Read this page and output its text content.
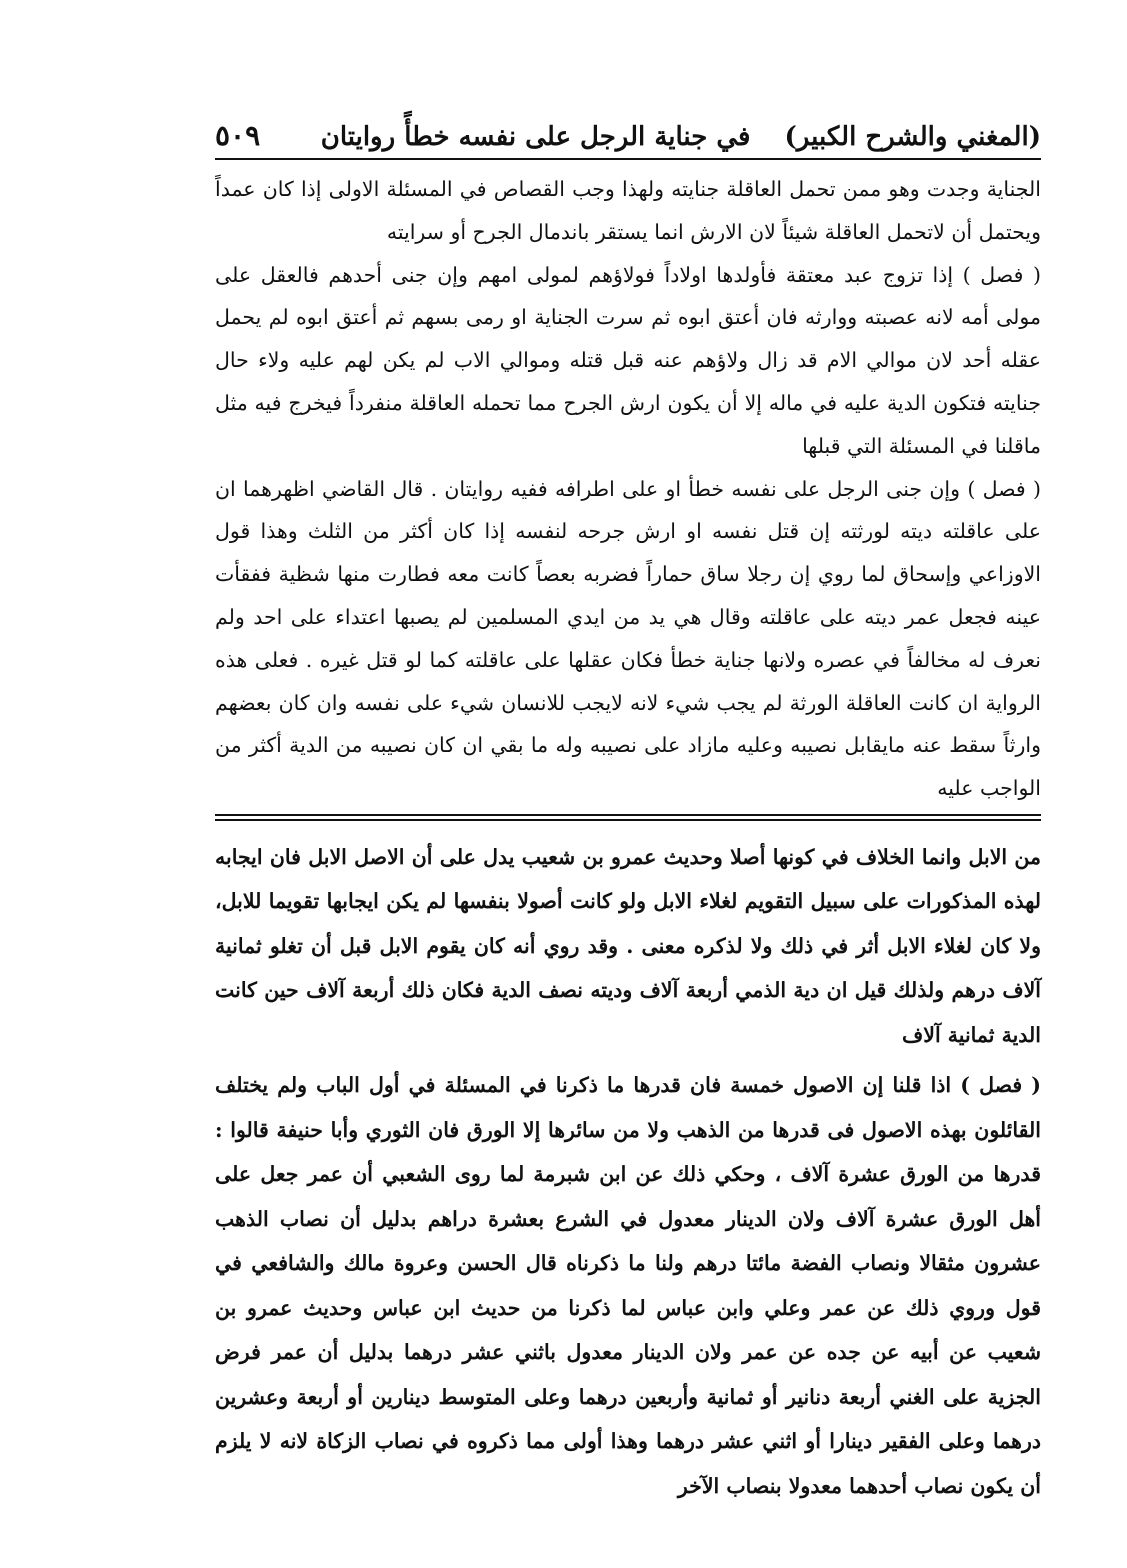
(المغني والشرح الكبير)
في جناية الرجل على نفسه خطأً روايتان
٥٠٩

الجناية وجدت وهو ممن تحمل العاقلة جنايته ولهذا وجب القصاص في المسئلة الاولى إذا كان عمداً ويحتمل أن لاتحمل العاقلة شيئاً لان الارش انما يستقر باندمال الجرح أو سرايته

( فصل ) إذا تزوج عبد معتقة فأولدها اولاداً فولاؤهم لمولى امهم وإن جنى أحدهم فالعقل على مولى أمه لانه عصبته ووارثه فان أعتق ابوه ثم سرت الجناية او رمى بسهم ثم أعتق ابوه لم يحمل عقله أحد لان موالي الام قد زال ولاؤهم عنه قبل قتله وموالي الاب لم يكن لهم عليه ولاء حال جنايته فتكون الدية عليه في ماله إلا أن يكون ارش الجرح مما تحمله العاقلة منفرداً فيخرج فيه مثل ماقلنا في المسئلة التي قبلها

( فصل ) وإن جنى الرجل على نفسه خطأ او على اطرافه ففيه روايتان . قال القاضي اظهرهما ان على عاقلته ديته لورثته إن قتل نفسه او ارش جرحه لنفسه إذا كان أكثر من الثلث وهذا قول الاوزاعي وإسحاق لما روي إن رجلا ساق حماراً فضربه بعصاً كانت معه فطارت منها شظية ففقأت عينه فجعل عمر ديته على عاقلته وقال هي يد من ايدي المسلمين لم يصبها اعتداء على احد ولم نعرف له مخالفاً في عصره ولانها جناية خطأ فكان عقلها على عاقلته كما لو قتل غيره . فعلى هذه الرواية ان كانت العاقلة الورثة لم يجب شيء لانه لايجب للانسان شيء على نفسه وان كان بعضهم وارثاً سقط عنه مايقابل نصيبه وعليه مازاد على نصيبه وله ما بقي ان كان نصيبه من الدية أكثر من الواجب عليه

من الابل وانما الخلاف في كونها أصلا وحديث عمرو بن شعيب يدل على أن الاصل الابل فان ايجابه لهذه المذكورات على سبيل التقويم لغلاء الابل ولو كانت أصولا بنفسها لم يكن ايجابها تقويما للابل، ولا كان لغلاء الابل أثر في ذلك ولا لذكره معنى . وقد روي أنه كان يقوم الابل قبل أن تغلو ثمانية آلاف درهم ولذلك قيل ان دية الذمي أربعة آلاف وديته نصف الدية فكان ذلك أربعة آلاف حين كانت الدية ثمانية آلاف

( فصل ) اذا قلنا إن الاصول خمسة فان قدرها ما ذكرنا في المسئلة في أول الباب ولم يختلف القائلون بهذه الاصول فى قدرها من الذهب ولا من سائرها إلا الورق فان الثوري وأبا حنيفة قالوا : قدرها من الورق عشرة آلاف ، وحكي ذلك عن ابن شبرمة لما روى الشعبي أن عمر جعل على أهل الورق عشرة آلاف ولان الدينار معدول في الشرع بعشرة دراهم بدليل أن نصاب الذهب عشرون مثقالا ونصاب الفضة مائتا درهم ولنا ما ذكرناه قال الحسن وعروة مالك والشافعي في قول وروي ذلك عن عمر وعلي وابن عباس لما ذكرنا من حديث ابن عباس وحديث عمرو بن شعيب عن أبيه عن جده عن عمر ولان الدينار معدول باثني عشر درهما بدليل أن عمر فرض الجزية على الغني أربعة دنانير أو ثمانية وأربعين درهما وعلى المتوسط دينارين أو أربعة وعشرين درهما وعلى الفقير دينارا أو اثني عشر درهما وهذا أولى مما ذكروه في نصاب الزكاة لانه لا يلزم أن يكون نصاب أحدهما معدولا بنصاب الآخر
